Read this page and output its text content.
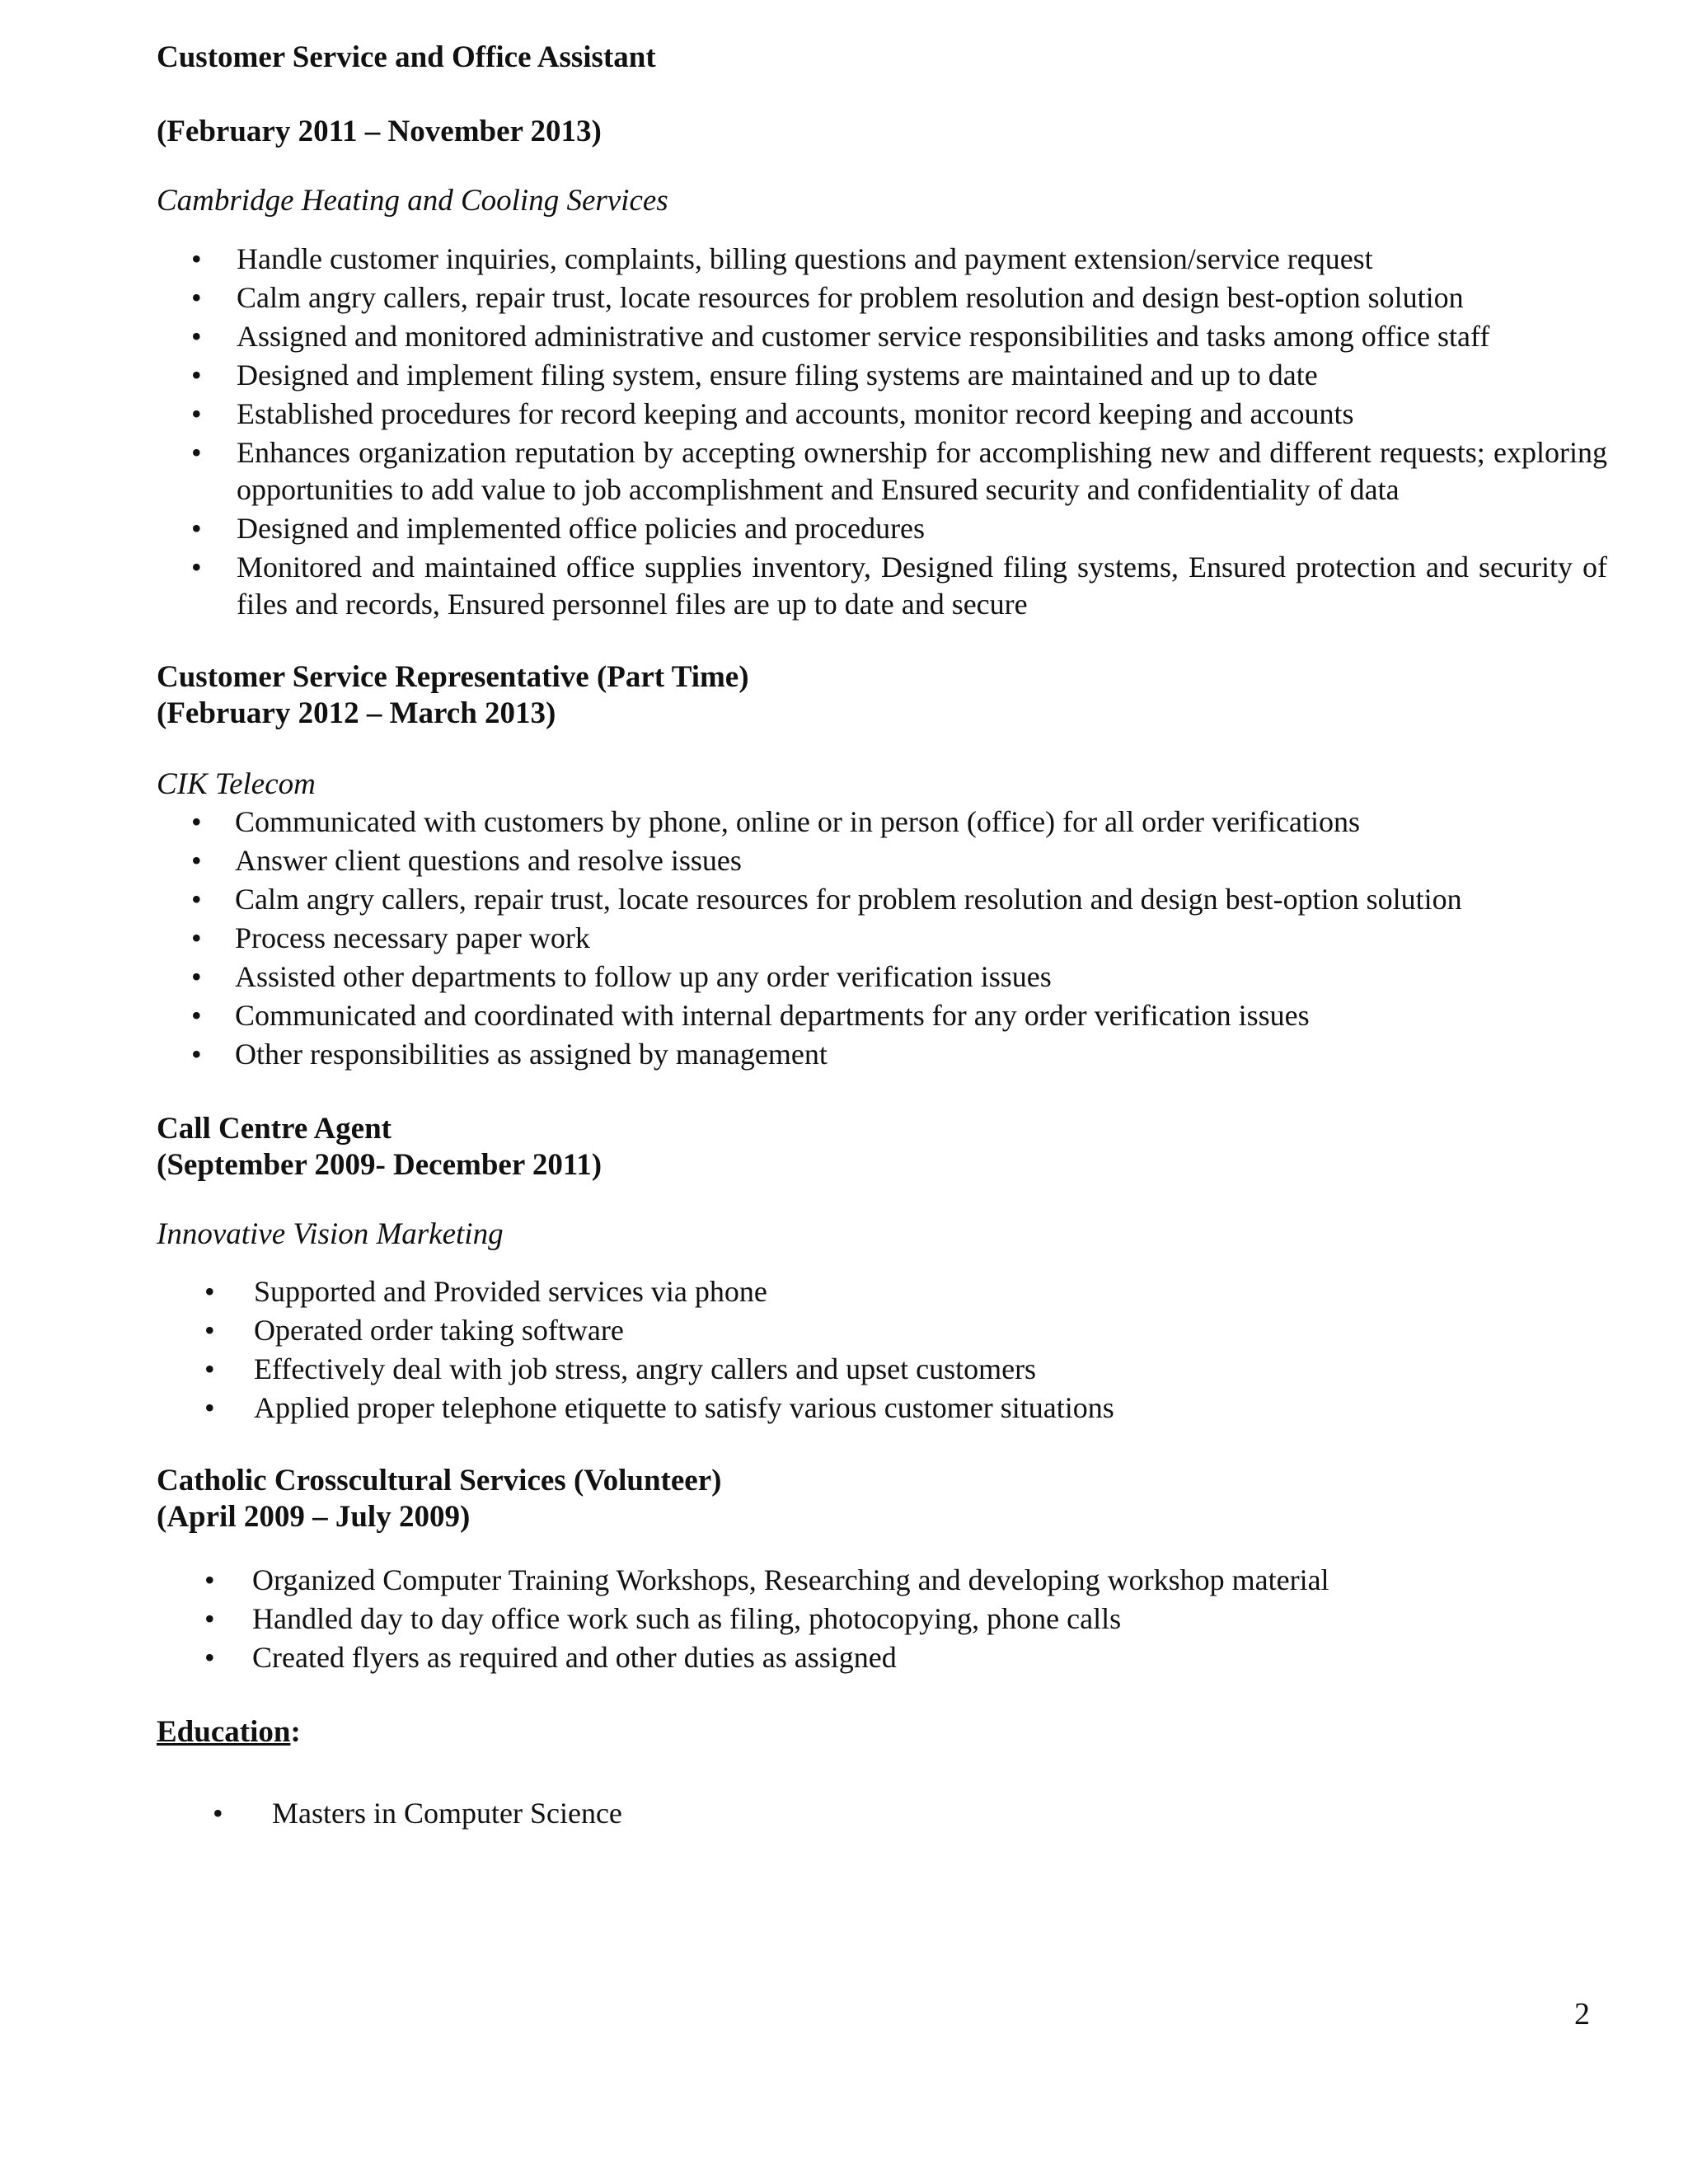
Customer Service and Office Assistant

(February 2011 – November 2013)

Cambridge Heating and Cooling Services

• Handle customer inquiries, complaints, billing questions and payment extension/service request
• Calm angry callers, repair trust, locate resources for problem resolution and design best-option solution
• Assigned and monitored administrative and customer service responsibilities and tasks among office staff
• Designed and implement filing system, ensure filing systems are maintained and up to date
• Established procedures for record keeping and accounts, monitor record keeping and accounts
• Enhances organization reputation by accepting ownership for accomplishing new and different requests; exploring opportunities to add value to job accomplishment and Ensured security and confidentiality of data
• Designed and implemented office policies and procedures
• Monitored and maintained office supplies inventory, Designed filing systems, Ensured protection and security of files and records, Ensured personnel files are up to date and secure

Customer Service Representative (Part Time)

(February 2012 – March 2013)

CIK Telecom

• Communicated with customers by phone, online or in person (office) for all order verifications
• Answer client questions and resolve issues
• Calm angry callers, repair trust, locate resources for problem resolution and design best-option solution
• Process necessary paper work
• Assisted other departments to follow up any order verification issues
• Communicated and coordinated with internal departments for any order verification issues
• Other responsibilities as assigned by management

Call Centre Agent

(September 2009- December 2011)

Innovative Vision Marketing

• Supported and Provided services via phone
• Operated order taking software
• Effectively deal with job stress, angry callers and upset customers
• Applied proper telephone etiquette to satisfy various customer situations

Catholic Crosscultural Services (Volunteer)

(April 2009 – July 2009)

• Organized Computer Training Workshops, Researching and developing workshop material
• Handled day to day office work such as filing, photocopying, phone calls
• Created flyers as required and other duties as assigned

Education:

• Masters in Computer Science
2
